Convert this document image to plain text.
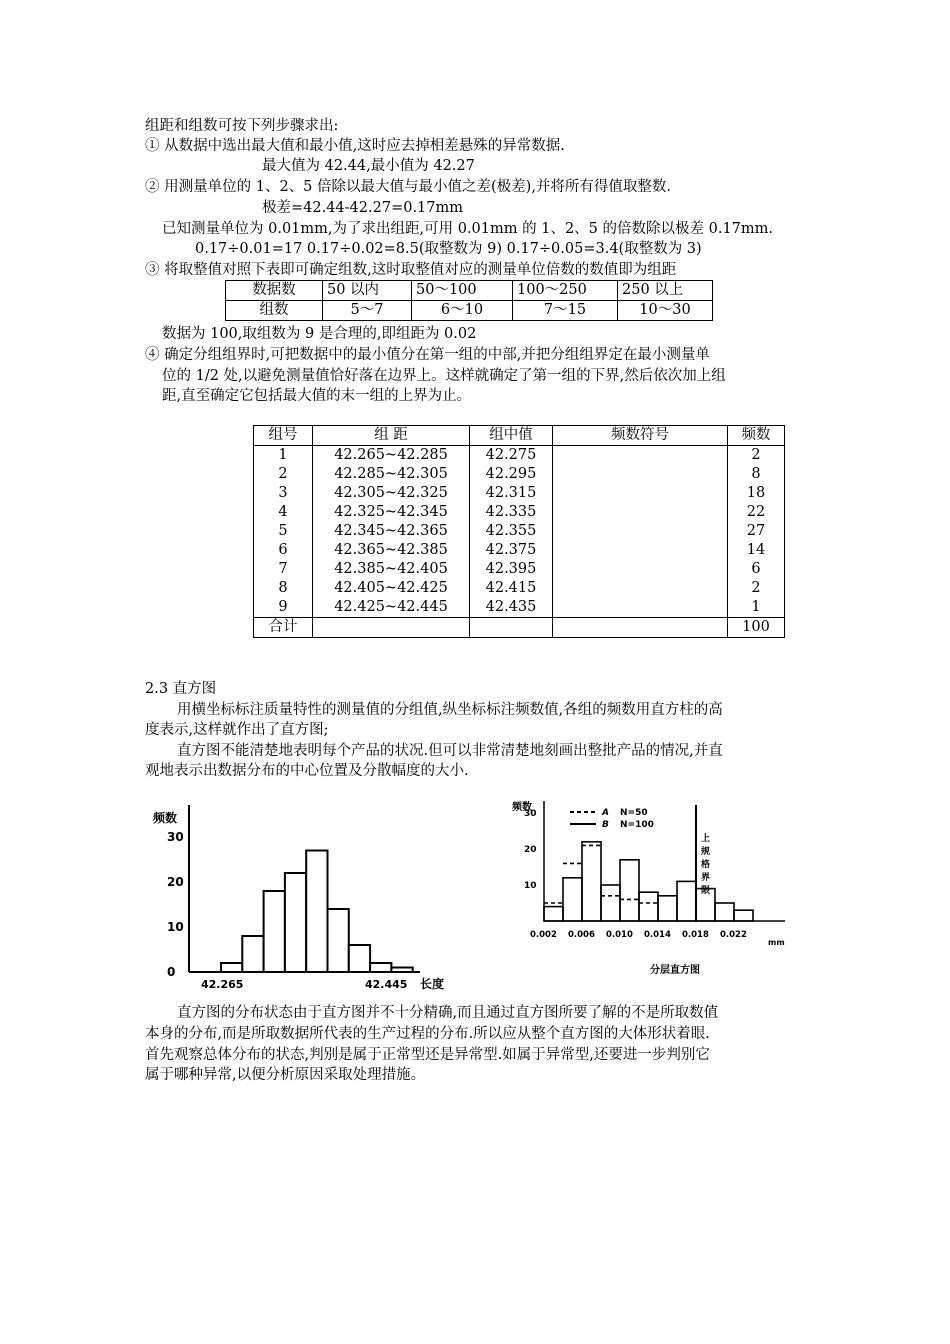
组距和组数可按下列步骤求出:
① 从数据中选出最大值和最小值,这时应去掉相差悬殊的异常数据.
最大值为 42.44,最小值为 42.27
② 用测量单位的 1、2、5 倍除以最大值与最小值之差(极差),并将所有得值取整数.
极差=42.44-42.27=0.17mm
已知测量单位为 0.01mm,为了求出组距,可用 0.01mm 的 1、2、5 的倍数除以极差 0.17mm.
0.17÷0.01=17 0.17÷0.02=8.5(取整数为 9) 0.17÷0.05=3.4(取整数为 3)
③ 将取整值对照下表即可确定组数,这时取整值对应的测量单位倍数的数值即为组距
数据数	50 以内	50～100	100～250	250 以上
组数	5～7	6～10	7～15	10～30
数据为 100,取组数为 9 是合理的,即组距为 0.02
④ 确定分组组界时,可把数据中的最小值分在第一组的中部,并把分组组界定在最小测量单
位的 1/2 处,以避免测量值恰好落在边界上。这样就确定了第一组的下界,然后依次加上组
距,直至确定它包括最大值的末一组的上界为止。
组号	组 距	组中值	频数符号	频数
1	42.265~42.285	42.275		2
2	42.285~42.305	42.295		8
3	42.305~42.325	42.315		18
4	42.325~42.345	42.335		22
5	42.345~42.365	42.355		27
6	42.365~42.385	42.375		14
7	42.385~42.405	42.395		6
8	42.405~42.425	42.415		2
9	42.425~42.445	42.435		1
合计				100
2.3 直方图
用横坐标标注质量特性的测量值的分组值,纵坐标标注频数值,各组的频数用直方柱的高
度表示,这样就作出了直方图;
直方图不能清楚地表明每个产品的状况.但可以非常清楚地刻画出整批产品的情况,并直
观地表示出数据分布的中心位置及分散幅度的大小.
频数
0
10
20
30
42.265	42.445 长度
频数
10
20
30
0.002 0.006 0.010 0.014 0.018 0.022
A N=50
B N=100
上规格界限
mm
分层直方图
直方图的分布状态由于直方图并不十分精确,而且通过直方图所要了解的不是所取数值
本身的分布,而是所取数据所代表的生产过程的分布.所以应从整个直方图的大体形状着眼.
首先观察总体分布的状态,判别是属于正常型还是异常型.如属于异常型,还要进一步判别它
属于哪种异常,以便分析原因采取处理措施。
